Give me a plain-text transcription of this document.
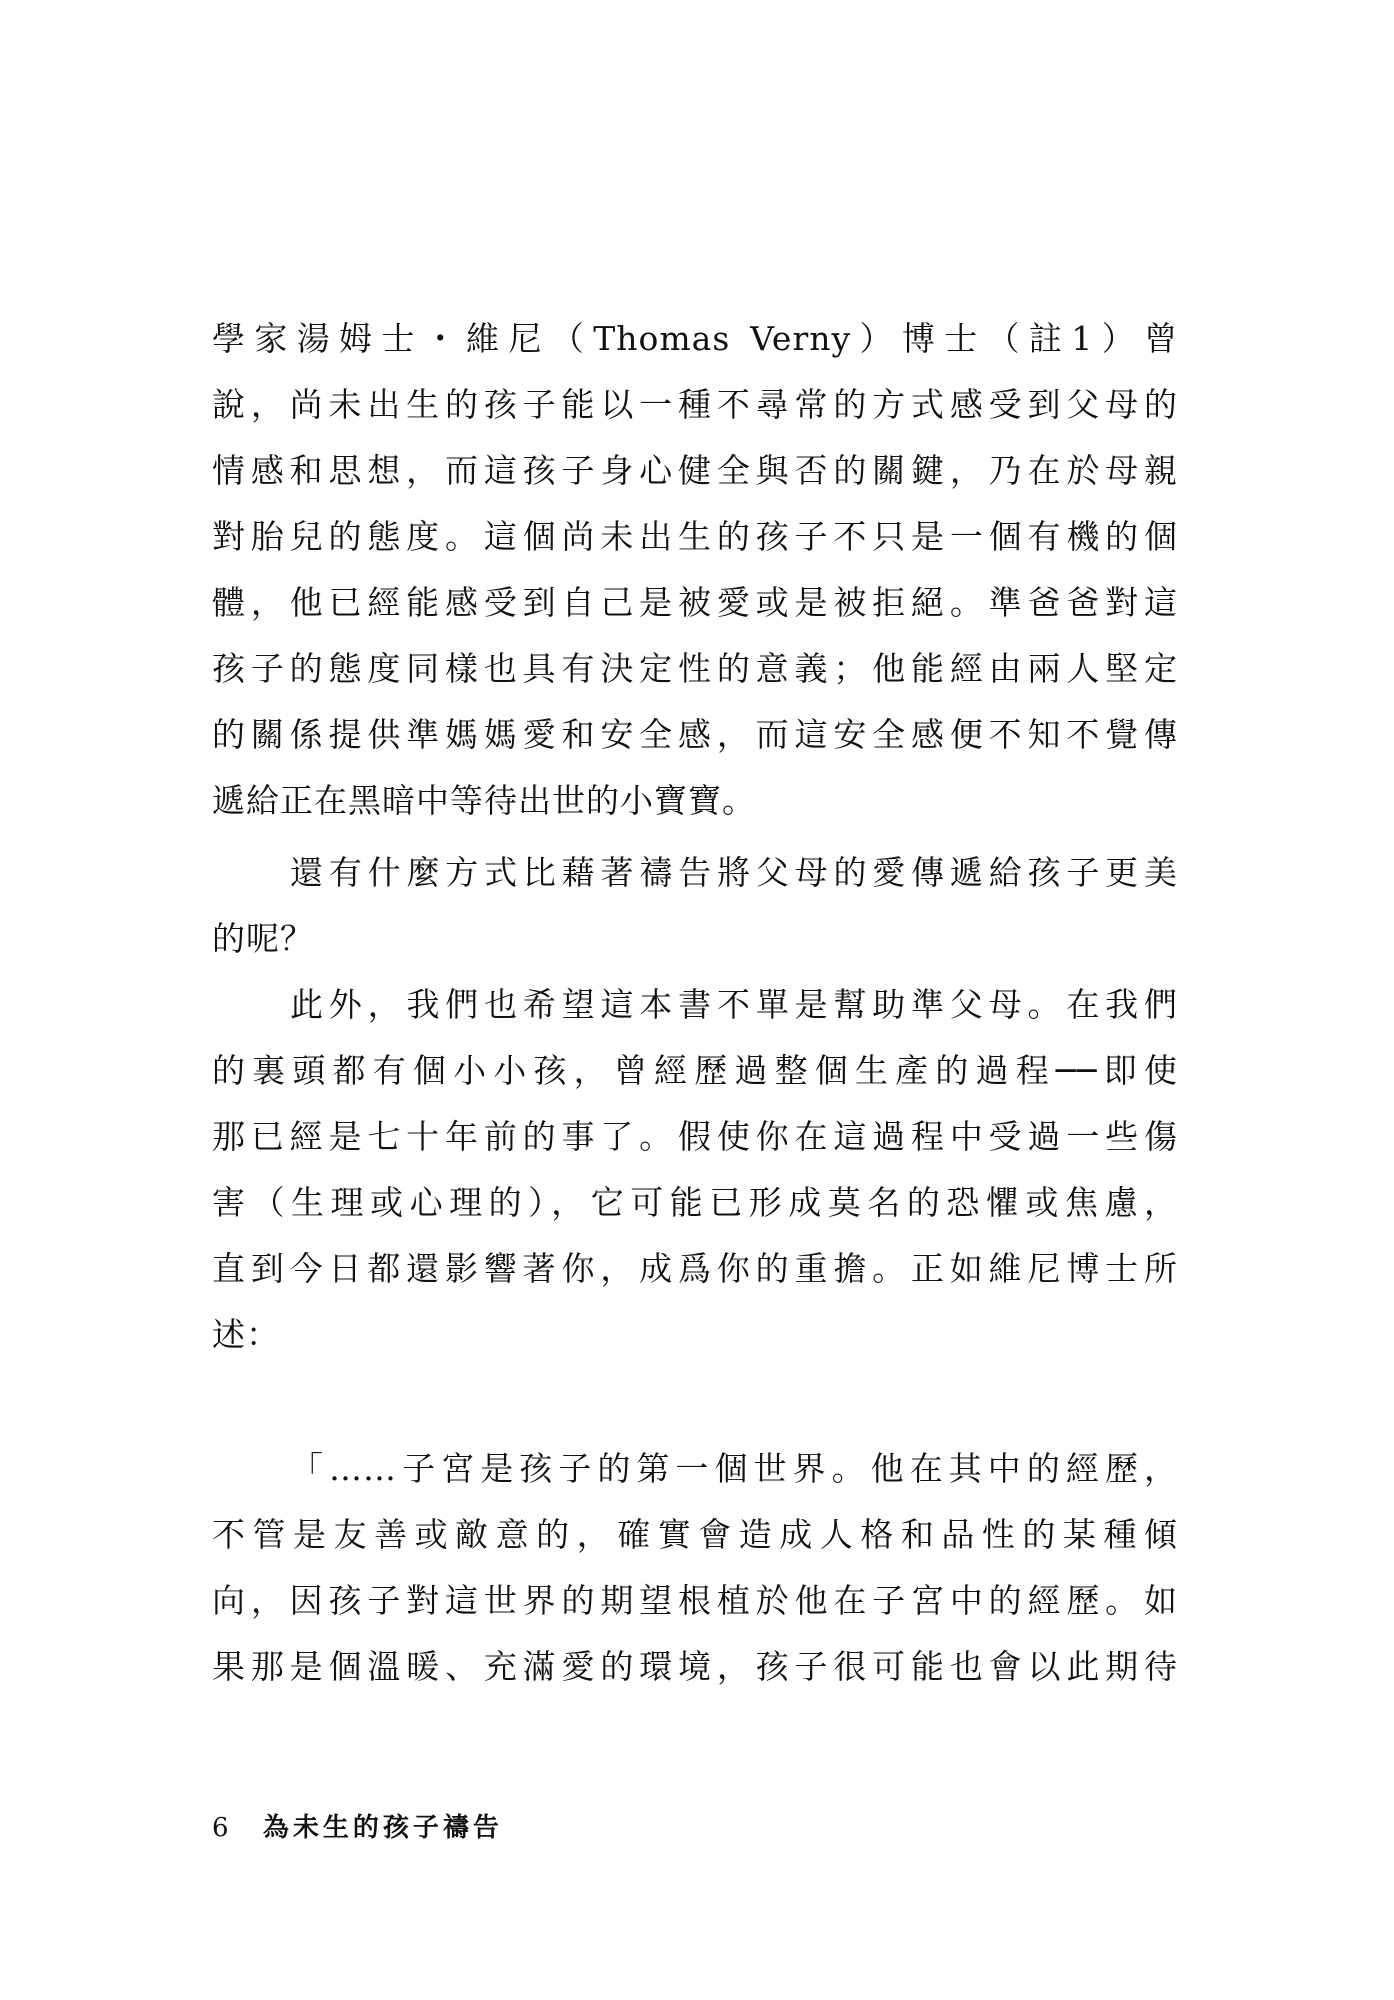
學家湯姆士・維尼（Thomas Verny）博士（註1）曾
說，尚未出生的孩子能以一種不尋常的方式感受到父母的
情感和思想，而這孩子身心健全與否的關鍵，乃在於母親
對胎兒的態度。這個尚未出生的孩子不只是一個有機的個
體，他已經能感受到自己是被愛或是被拒絕。準爸爸對這
孩子的態度同樣也具有決定性的意義；他能經由兩人堅定
的關係提供準媽媽愛和安全感，而這安全感便不知不覺傳
遞給正在黑暗中等待出世的小寶寶。
還有什麼方式比藉著禱告將父母的愛傳遞給孩子更美
的呢？
此外，我們也希望這本書不單是幫助準父母。在我們
的裏頭都有個小小孩，曾經歷過整個生產的過程──即使
那已經是七十年前的事了。假使你在這過程中受過一些傷
害（生理或心理的），它可能已形成莫名的恐懼或焦慮，
直到今日都還影響著你，成爲你的重擔。正如維尼博士所
述：
「……子宮是孩子的第一個世界。他在其中的經歷，
不管是友善或敵意的，確實會造成人格和品性的某種傾
向，因孩子對這世界的期望根植於他在子宮中的經歷。如
果那是個溫暖、充滿愛的環境，孩子很可能也會以此期待
6 為未生的孩子禱告
